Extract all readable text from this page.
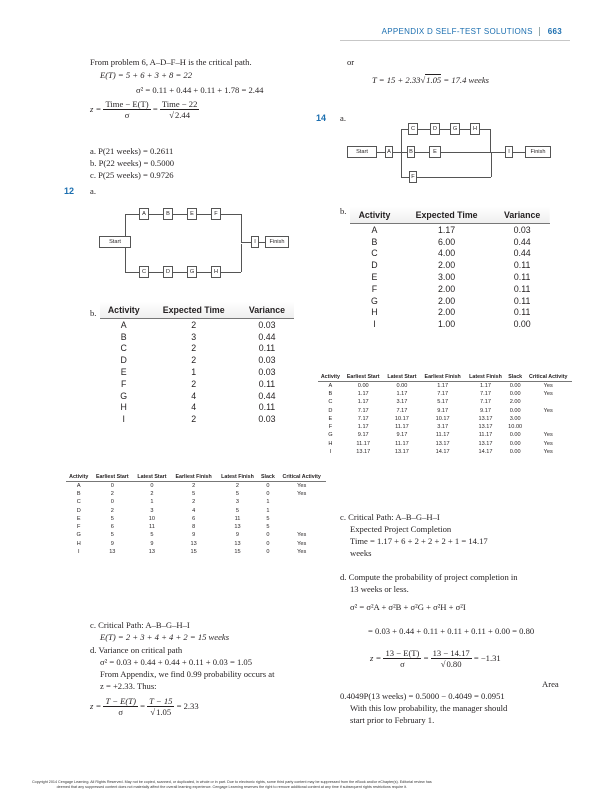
APPENDIX D SELF-TEST SOLUTIONS 663
From problem 6, A–D–F–H is the critical path.
E(T) = 5 + 6 + 3 + 8 = 22
σ² = 0.11 + 0.44 + 0.11 + 1.78 = 2.44
$z = \frac{\text{Time − E(T)}}{\sigma} = \frac{\text{Time − 22}}{√2.44}$
a. P(21 weeks) = 0.2611
b. P(22 weeks) = 0.5000
c. P(25 weeks) = 0.9726
12 a.
Start
A	B	E	F
C	D	G	H
I	Finish
b. Activity	Expected Time	Variance
A	2	0.03
B	3	0.44
C	2	0.11
D	2	0.03
E	1	0.03
F	2	0.11
G	4	0.44
H	4	0.11
I	2	0.03
Activity	Earliest Start	Latest Start	Earliest Finish	Latest Finish	Slack	Critical Activity
A	0	0	2	2	0	Yes
B	2	2	5	5	0	Yes
C	0	1	2	3	1	
D	2	3	4	5	1	
E	5	10	6	11	5	
F	6	11	8	13	5	
G	5	5	9	9	0	Yes
H	9	9	13	13	0	Yes
I	13	13	15	15	0	Yes
c. Critical Path: A–B–G–H–I
E(T) = 2 + 3 + 4 + 4 + 2 = 15 weeks
d. Variance on critical path
σ² = 0.03 + 0.44 + 0.44 + 0.11 + 0.03 = 1.05
From Appendix, we find 0.99 probability occurs at
z = +2.33. Thus:
$z = \frac{T - E(T)}{\sigma} = \frac{T - 15}{√1.05} = 2.33$
or
T = 15 + 2.33√1.05 = 17.4 weeks
14 a.
Start	A	B
C	D	G	H
E
F
I	Finish
b. Activity	Expected Time	Variance
A	1.17	0.03
B	6.00	0.44
C	4.00	0.44
D	2.00	0.11
E	3.00	0.11
F	2.00	0.11
G	2.00	0.11
H	2.00	0.11
I	1.00	0.00
Activity	Earliest Start	Latest Start	Earliest Finish	Latest Finish	Slack	Critical Activity
A	0.00	0.00	1.17	1.17	0.00	Yes
B	1.17	1.17	7.17	7.17	0.00	Yes
C	1.17	3.17	5.17	7.17	2.00	
D	7.17	7.17	9.17	9.17	0.00	Yes
E	7.17	10.17	10.17	13.17	3.00	
F	1.17	11.17	3.17	13.17	10.00	
G	9.17	9.17	11.17	11.17	0.00	Yes
H	11.17	11.17	13.17	13.17	0.00	Yes
I	13.17	13.17	14.17	14.17	0.00	Yes
c. Critical Path: A–B–G–H–I
Expected Project Completion
Time = 1.17 + 6 + 2 + 2 + 2 + 1 = 14.17
weeks
d. Compute the probability of project completion in
13 weeks or less.
σ² = σ²A + σ²B + σ²G + σ²H + σ²I
= 0.03 + 0.44 + 0.11 + 0.11 + 0.11 + 0.00 = 0.80
$z = \frac{13 - E(T)}{\sigma} = \frac{13 - 14.17}{√0.80} = -1.31$
Area
0.4049P(13 weeks) = 0.5000 − 0.4049 = 0.0951
With this low probability, the manager should
start prior to February 1.
Copyright 2014 Cengage Learning. All Rights Reserved. May not be copied, scanned, or duplicated, in whole or in part. Due to electronic rights, some third party content may be suppressed from the eBook and/or eChapter(s). Editorial review has
deemed that any suppressed content does not materially affect the overall learning experience. Cengage Learning reserves the right to remove additional content at any time if subsequent rights restrictions require it.
